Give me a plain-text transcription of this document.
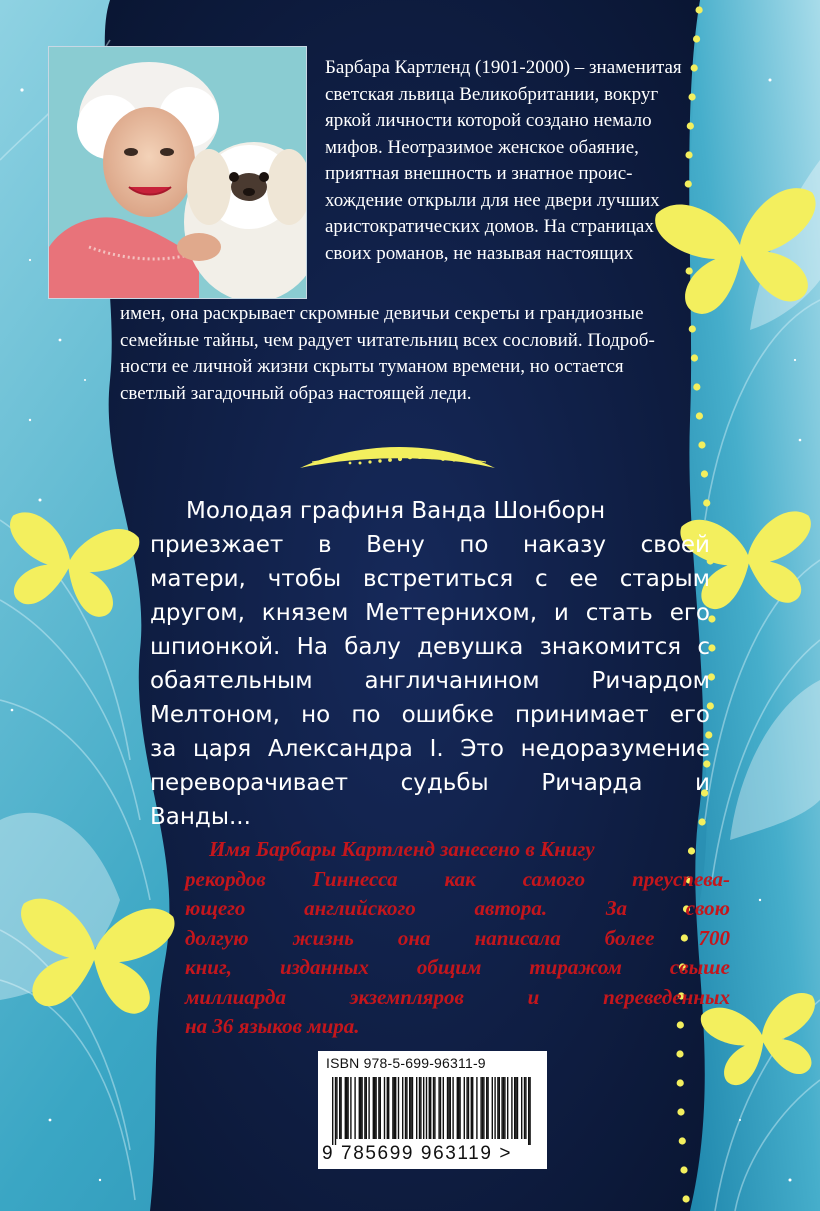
Барбара Картленд (1901-2000) – знаменитая
светская львица Великобритании, вокруг
яркой личности которой создано немало
мифов. Неотразимое женское обаяние,
приятная внешность и знатное проис-
хождение открыли для нее двери лучших
аристократических домов. На страницах
своих романов, не называя настоящих
имен, она раскрывает скромные девичьи секреты и грандиозные
семейные тайны, чем радует читательниц всех сословий. Подроб-
ности ее личной жизни скрыты туманом времени, но остается
светлый загадочный образ настоящей леди.
Молодая графиня Ванда Шонборн
приезжает в Вену по наказу своей
матери, чтобы встретиться с ее старым
другом, князем Меттернихом, и стать его
шпионкой. На балу девушка знакомится с
обаятельным англичанином Ричардом
Мелтоном, но по ошибке принимает его
за царя Александра I. Это недоразумение
переворачивает судьбы Ричарда и
Ванды...
Имя Барбары Картленд занесено в Книгу
рекордов Гиннесса как самого преуспева-
ющего английского автора. За свою
долгую жизнь она написала более 700
книг, изданных общим тиражом свыше
миллиарда экземпляров и переведенных
на 36 языков мира.
ISBN 978-5-699-96311-9
9 785699 963119 >
